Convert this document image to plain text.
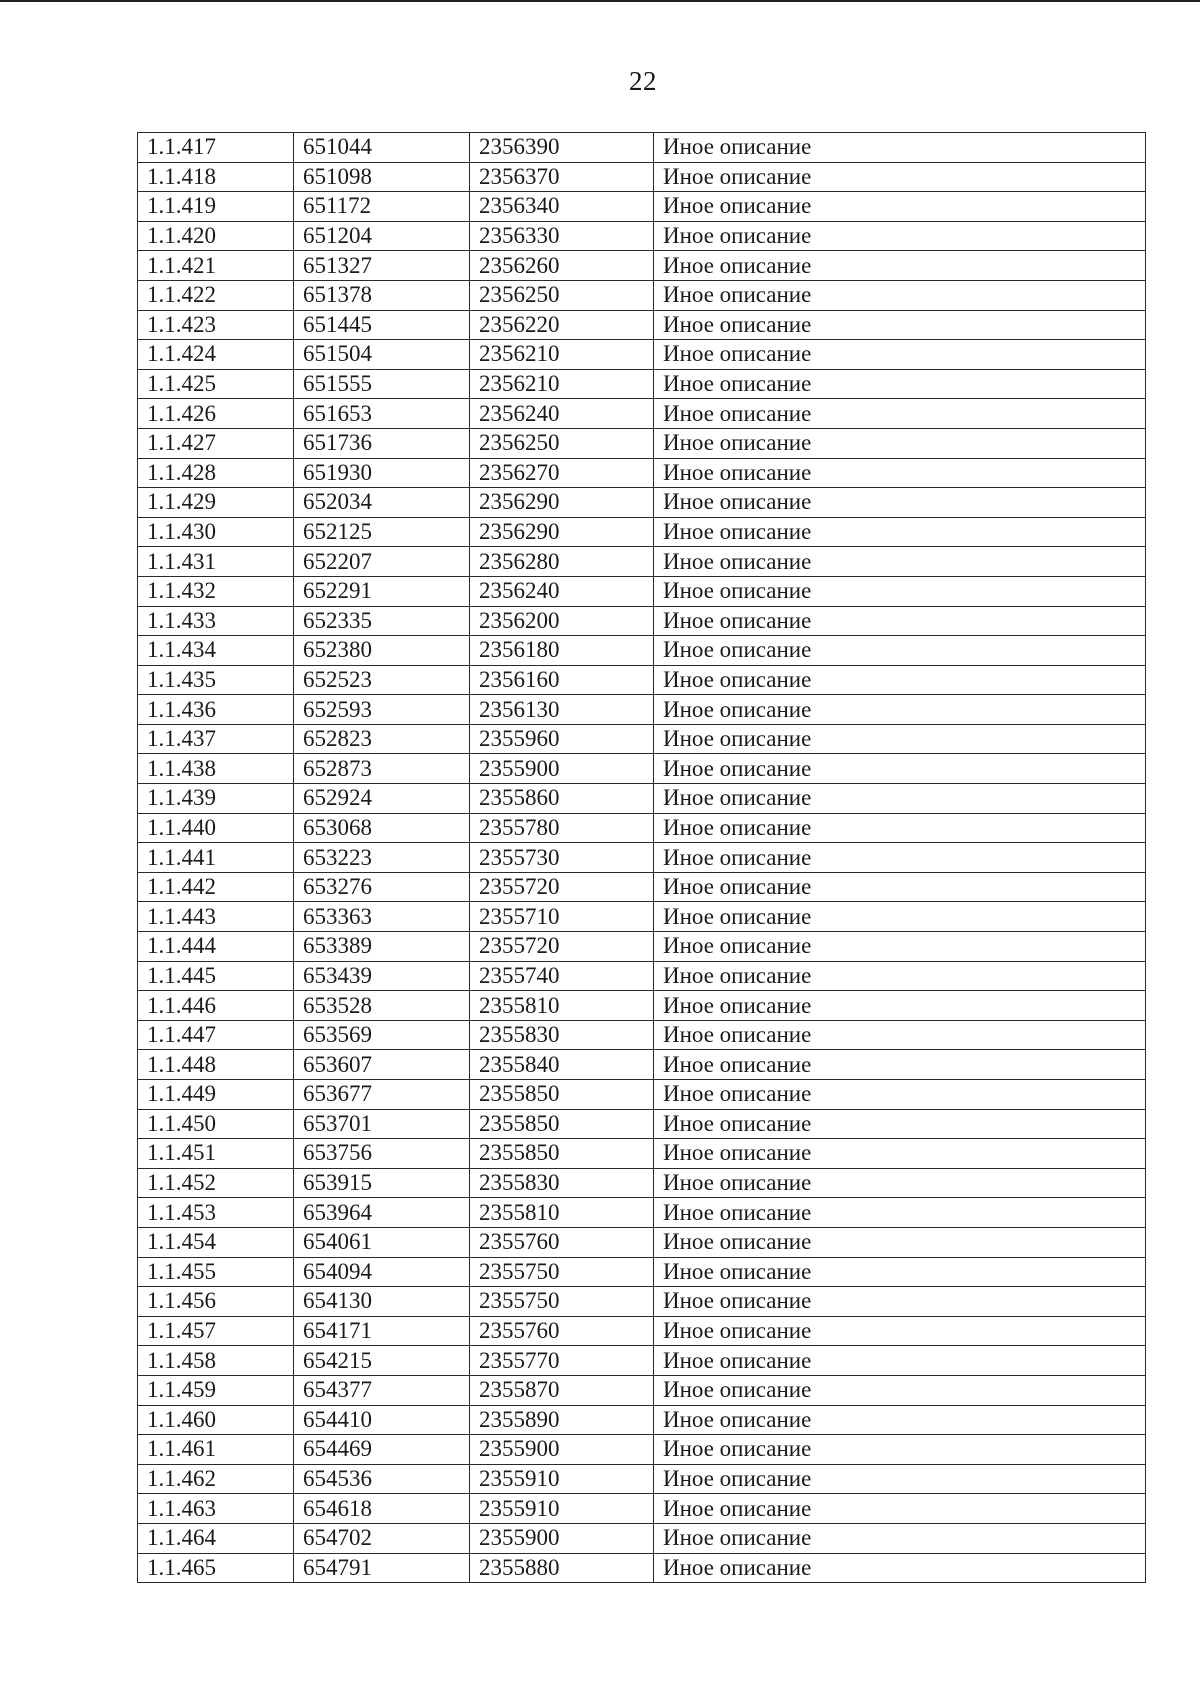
22
1.1.417	651044	2356390	Иное описание
1.1.418	651098	2356370	Иное описание
1.1.419	651172	2356340	Иное описание
1.1.420	651204	2356330	Иное описание
1.1.421	651327	2356260	Иное описание
1.1.422	651378	2356250	Иное описание
1.1.423	651445	2356220	Иное описание
1.1.424	651504	2356210	Иное описание
1.1.425	651555	2356210	Иное описание
1.1.426	651653	2356240	Иное описание
1.1.427	651736	2356250	Иное описание
1.1.428	651930	2356270	Иное описание
1.1.429	652034	2356290	Иное описание
1.1.430	652125	2356290	Иное описание
1.1.431	652207	2356280	Иное описание
1.1.432	652291	2356240	Иное описание
1.1.433	652335	2356200	Иное описание
1.1.434	652380	2356180	Иное описание
1.1.435	652523	2356160	Иное описание
1.1.436	652593	2356130	Иное описание
1.1.437	652823	2355960	Иное описание
1.1.438	652873	2355900	Иное описание
1.1.439	652924	2355860	Иное описание
1.1.440	653068	2355780	Иное описание
1.1.441	653223	2355730	Иное описание
1.1.442	653276	2355720	Иное описание
1.1.443	653363	2355710	Иное описание
1.1.444	653389	2355720	Иное описание
1.1.445	653439	2355740	Иное описание
1.1.446	653528	2355810	Иное описание
1.1.447	653569	2355830	Иное описание
1.1.448	653607	2355840	Иное описание
1.1.449	653677	2355850	Иное описание
1.1.450	653701	2355850	Иное описание
1.1.451	653756	2355850	Иное описание
1.1.452	653915	2355830	Иное описание
1.1.453	653964	2355810	Иное описание
1.1.454	654061	2355760	Иное описание
1.1.455	654094	2355750	Иное описание
1.1.456	654130	2355750	Иное описание
1.1.457	654171	2355760	Иное описание
1.1.458	654215	2355770	Иное описание
1.1.459	654377	2355870	Иное описание
1.1.460	654410	2355890	Иное описание
1.1.461	654469	2355900	Иное описание
1.1.462	654536	2355910	Иное описание
1.1.463	654618	2355910	Иное описание
1.1.464	654702	2355900	Иное описание
1.1.465	654791	2355880	Иное описание
